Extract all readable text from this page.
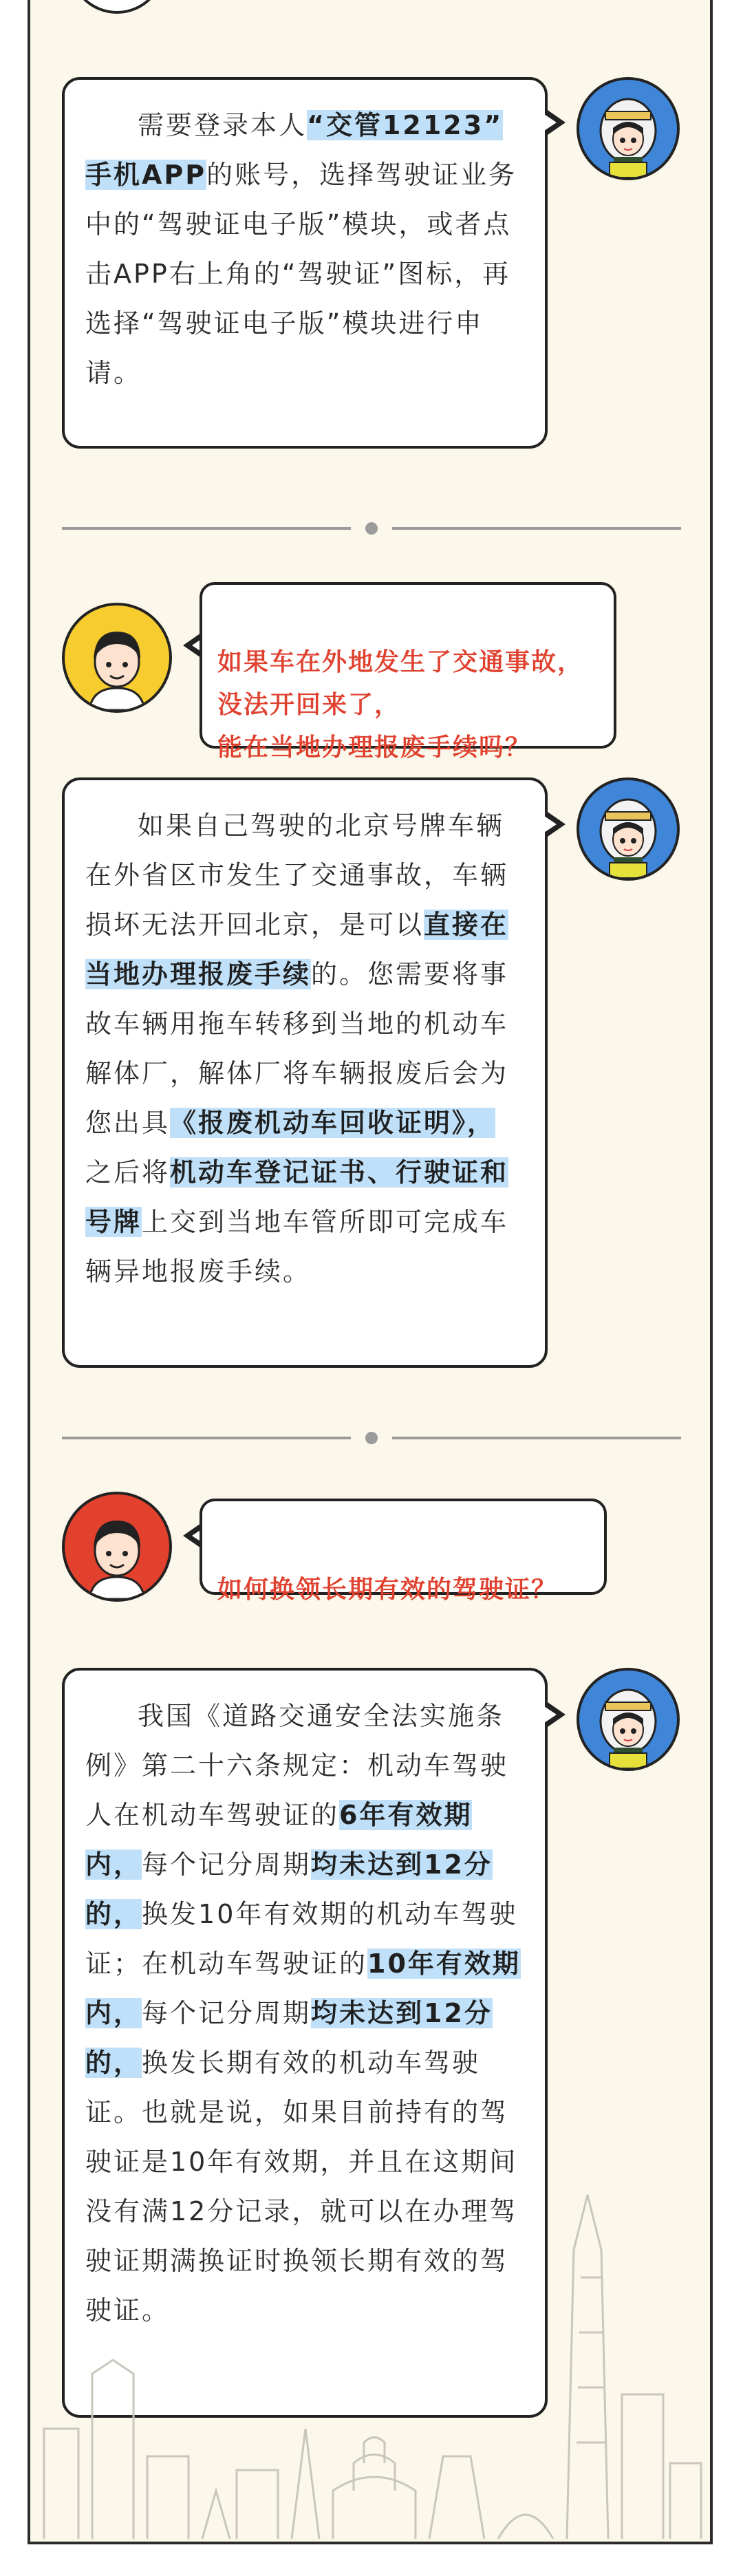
需要登录本人“交管12123”
手机APP的账号，选择驾驶证业务中的“驾驶证电子版”模块，或者点击APP右上角的“驾驶证”图标，再选择“驾驶证电子版”模块进行申请。

如果车在外地发生了交通事故，
没法开回来了，
能在当地办理报废手续吗？

如果自己驾驶的北京号牌车辆在外省区市发生了交通事故，车辆损坏无法开回北京，是可以直接在当地办理报废手续的。您需要将事故车辆用拖车转移到当地的机动车解体厂，解体厂将车辆报废后会为您出具《报废机动车回收证明》，
之后将机动车登记证书、行驶证和号牌上交到当地车管所即可完成车辆异地报废手续。

如何换领长期有效的驾驶证？

我国《道路交通安全法实施条例》第二十六条规定：机动车驾驶人在机动车驾驶证的6年有效期内，每个记分周期均未达到12分的，换发10年有效期的机动车驾驶证；在机动车驾驶证的10年有效期内，每个记分周期均未达到12分的，换发长期有效的机动车驾驶证。也就是说，如果目前持有的驾驶证是10年有效期，并且在这期间没有满12分记录，就可以在办理驾驶证期满换证时换领长期有效的驾驶证。
